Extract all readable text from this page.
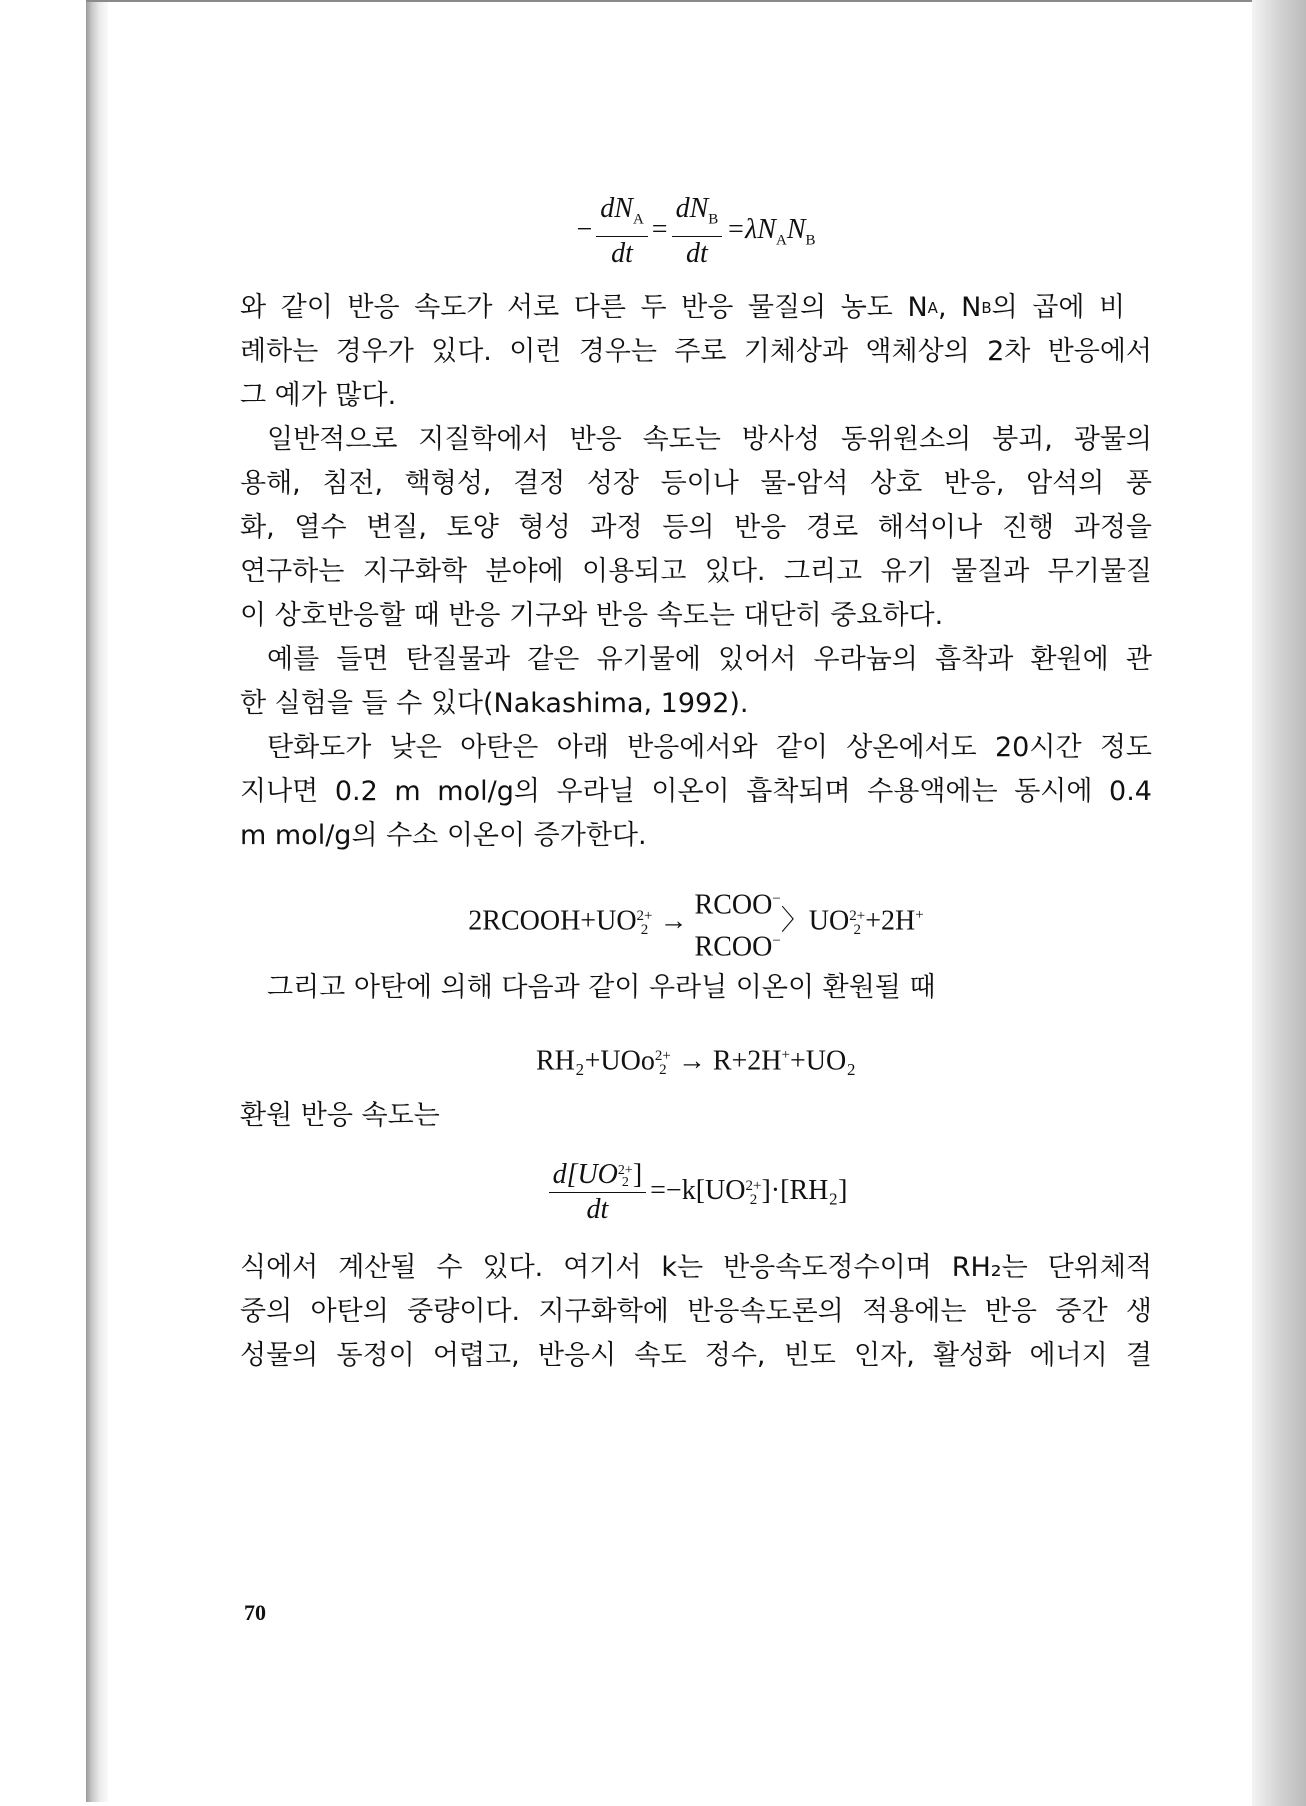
− $\frac{dN_A}{dt} = \frac{dN_B}{dt} =\lambda N_AN_B$
와 같이 반응 속도가 서로 다른 두 반응 물질의 농도 N A , N B 의 곱에 비

례하는 경우가 있다. 이런 경우는 주로 기체상과 액체상의 2차 반응에서

그 예가 많다.

일반적으로 지질학에서 반응 속도는 방사성 동위원소의 붕괴, 광물의

용해, 침전, 핵형성, 결정 성장 등이나 물-암석 상호 반응, 암석의 풍

화, 열수 변질, 토양 형성 과정 등의 반응 경로 해석이나 진행 과정을

연구하는 지구화학 분야에 이용되고 있다. 그리고 유기 물질과 무기물질

이 상호반응할 때 반응 기구와 반응 속도는 대단히 중요하다.

예를 들면 탄질물과 같은 유기물에 있어서 우라늄의 흡착과 환원에 관

한 실험을 들 수 있다(Nakashima, 1992).

탄화도가 낮은 아탄은 아래 반응에서와 같이 상온에서도 20시간 정도

지나면 0.2 m mol/g의 우라닐 이온이 흡착되며 수용액에는 동시에 0.4

m mol/g의 수소 이온이 증가한다.

2RCOOH+UO 2+
2 →
RCOO−
RCOO−
〉UO 2+
2 +2H+

그리고 아탄에 의해 다음과 같이 우라닐 이온이 환원될 때

RH₂+UOo 2+
2 → R+2H++UO₂

환원 반응 속도는

d[UO 2+
2 ]
dt =−k[UO 2+
2 ]·[RH₂]

식에서 계산될 수 있다. 여기서 k는 반응속도정수이며 RH₂는 단위체적

중의 아탄의 중량이다. 지구화학에 반응속도론의 적용에는 반응 중간 생

성물의 동정이 어렵고, 반응시 속도 정수, 빈도 인자, 활성화 에너지 결

70
